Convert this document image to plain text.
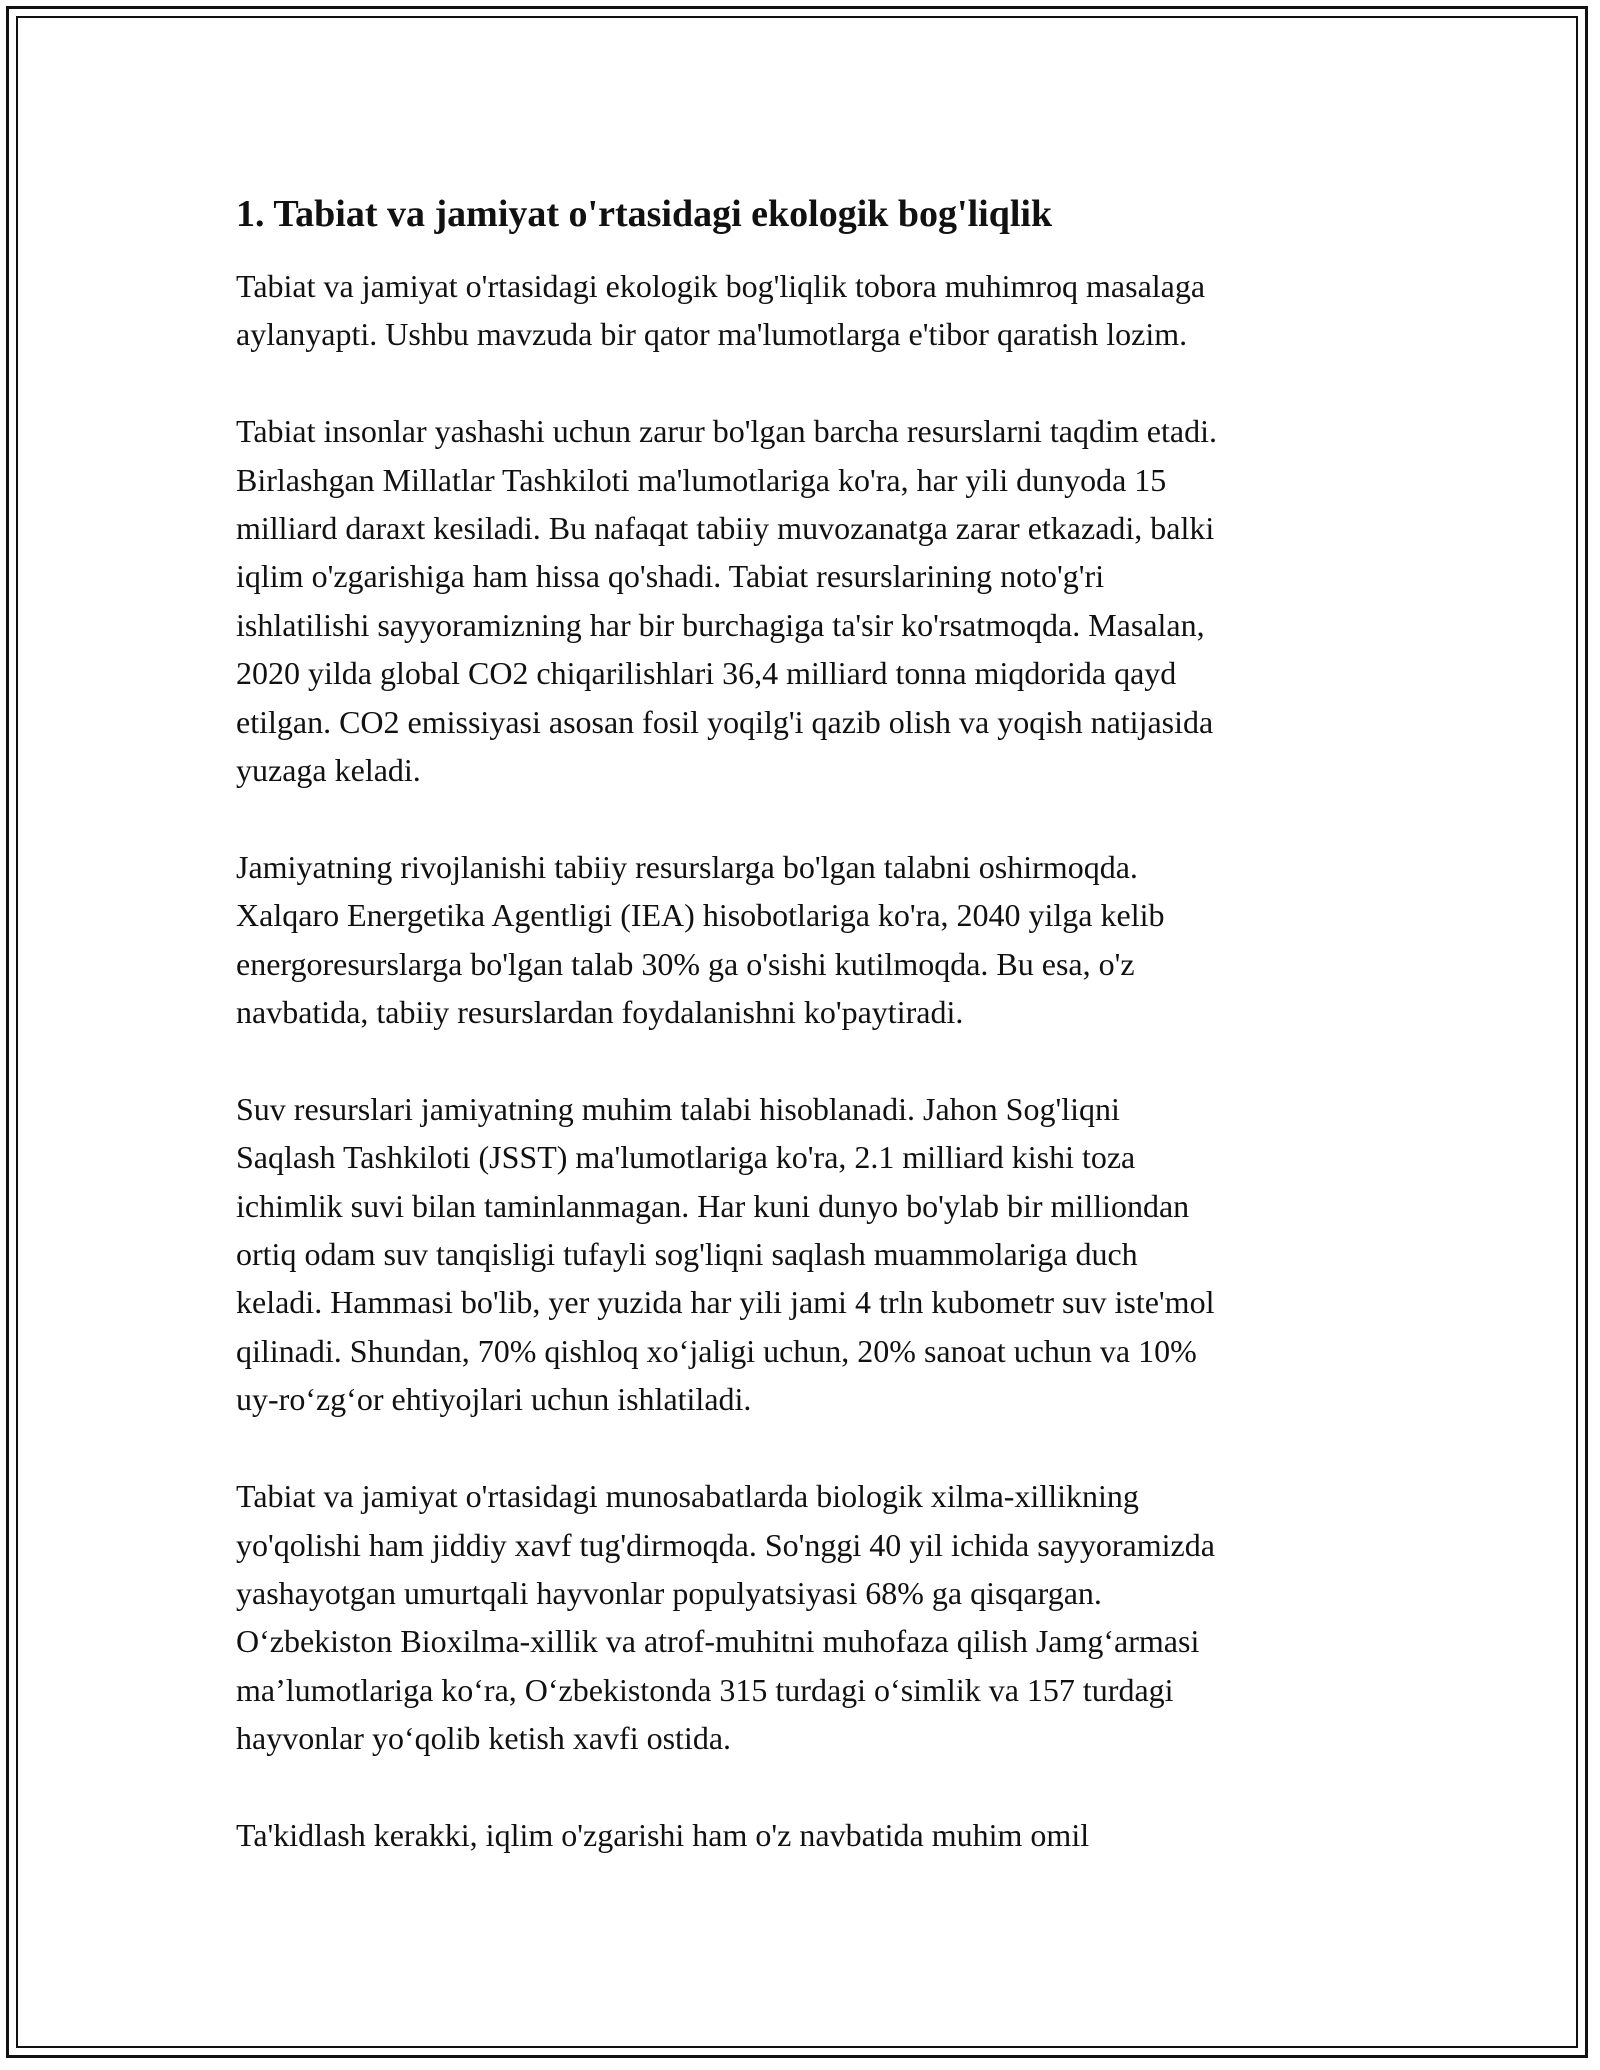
1. Tabiat va jamiyat o'rtasidagi ekologik bog'liqlik

Tabiat va jamiyat o'rtasidagi ekologik bog'liqlik tobora muhimroq masalaga
aylanyapti. Ushbu mavzuda bir qator ma'lumotlarga e'tibor qaratish lozim.

Tabiat insonlar yashashi uchun zarur bo'lgan barcha resurslarni taqdim etadi.
Birlashgan Millatlar Tashkiloti ma'lumotlariga ko'ra, har yili dunyoda 15
milliard daraxt kesiladi. Bu nafaqat tabiiy muvozanatga zarar etkazadi, balki
iqlim o'zgarishiga ham hissa qo'shadi. Tabiat resurslarining noto'g'ri
ishlatilishi sayyoramizning har bir burchagiga ta'sir ko'rsatmoqda. Masalan,
2020 yilda global CO2 chiqarilishlari 36,4 milliard tonna miqdorida qayd
etilgan. CO2 emissiyasi asosan fosil yoqilg'i qazib olish va yoqish natijasida
yuzaga keladi.

Jamiyatning rivojlanishi tabiiy resurslarga bo'lgan talabni oshirmoqda.
Xalqaro Energetika Agentligi (IEA) hisobotlariga ko'ra, 2040 yilga kelib
energoresurslarga bo'lgan talab 30% ga o'sishi kutilmoqda. Bu esa, o'z
navbatida, tabiiy resurslardan foydalanishni ko'paytiradi.

Suv resurslari jamiyatning muhim talabi hisoblanadi. Jahon Sog'liqni
Saqlash Tashkiloti (JSST) ma'lumotlariga ko'ra, 2.1 milliard kishi toza
ichimlik suvi bilan taminlanmagan. Har kuni dunyo bo'ylab bir milliondan
ortiq odam suv tanqisligi tufayli sog'liqni saqlash muammolariga duch
keladi. Hammasi bo'lib, yer yuzida har yili jami 4 trln kubometr suv iste'mol
qilinadi. Shundan, 70% qishloq xo‘jaligi uchun, 20% sanoat uchun va 10%
uy-ro‘zg‘or ehtiyojlari uchun ishlatiladi.

Tabiat va jamiyat o'rtasidagi munosabatlarda biologik xilma-xillikning
yo'qolishi ham jiddiy xavf tug'dirmoqda. So'nggi 40 yil ichida sayyoramizda
yashayotgan umurtqali hayvonlar populyatsiyasi 68% ga qisqargan.
O‘zbekiston Bioxilma-xillik va atrof-muhitni muhofaza qilish Jamg‘armasi
ma’lumotlariga ko‘ra, O‘zbekistonda 315 turdagi o‘simlik va 157 turdagi
hayvonlar yo‘qolib ketish xavfi ostida.

Ta'kidlash kerakki, iqlim o'zgarishi ham o'z navbatida muhim omil
